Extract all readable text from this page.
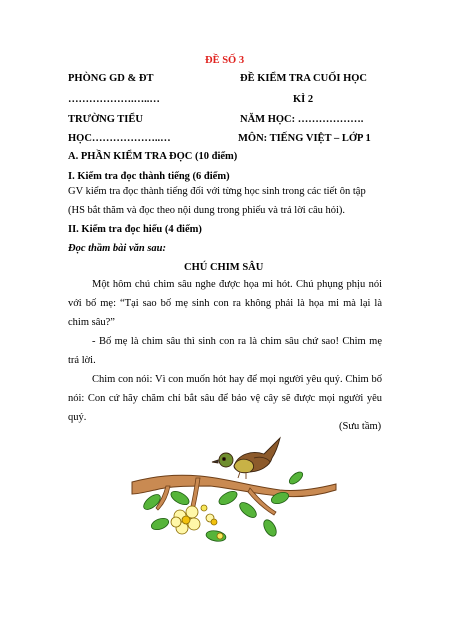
ĐỀ SỐ 3
PHÒNG GD & ĐT
……………….…..…
TRƯỜNG TIỂU
HỌC………………..…
ĐỀ KIỂM TRA CUỐI HỌC
KÌ 2
NĂM HỌC: ……………….
MÔN: TIẾNG VIỆT – LỚP 1
A. PHẦN KIỂM TRA ĐỌC (10 điểm)
I. Kiểm tra đọc thành tiếng (6 điểm)
GV kiểm tra đọc thành tiếng đối với từng học sinh trong các tiết ôn tập
(HS bắt thăm và đọc theo nội dung trong phiếu và trả lời câu hỏi).
II. Kiểm tra đọc hiểu (4 điểm)
Đọc thầm bài văn sau:
CHÚ CHIM SÂU
Một hôm chú chim sâu nghe được họa mi hót. Chú phụng phịu nói với bố mẹ: “Tại sao bố mẹ sinh con ra không phải là họa mi mà lại là chim sâu?”
- Bố mẹ là chim sâu thì sinh con ra là chim sâu chứ sao! Chim mẹ trả lời.
Chim con nói: Vì con muốn hót hay để mọi người yêu quý. Chim bố nói: Con cứ hãy chăm chỉ bắt sâu để bảo vệ cây sẽ được mọi người yêu quý.
(Sưu tầm)
